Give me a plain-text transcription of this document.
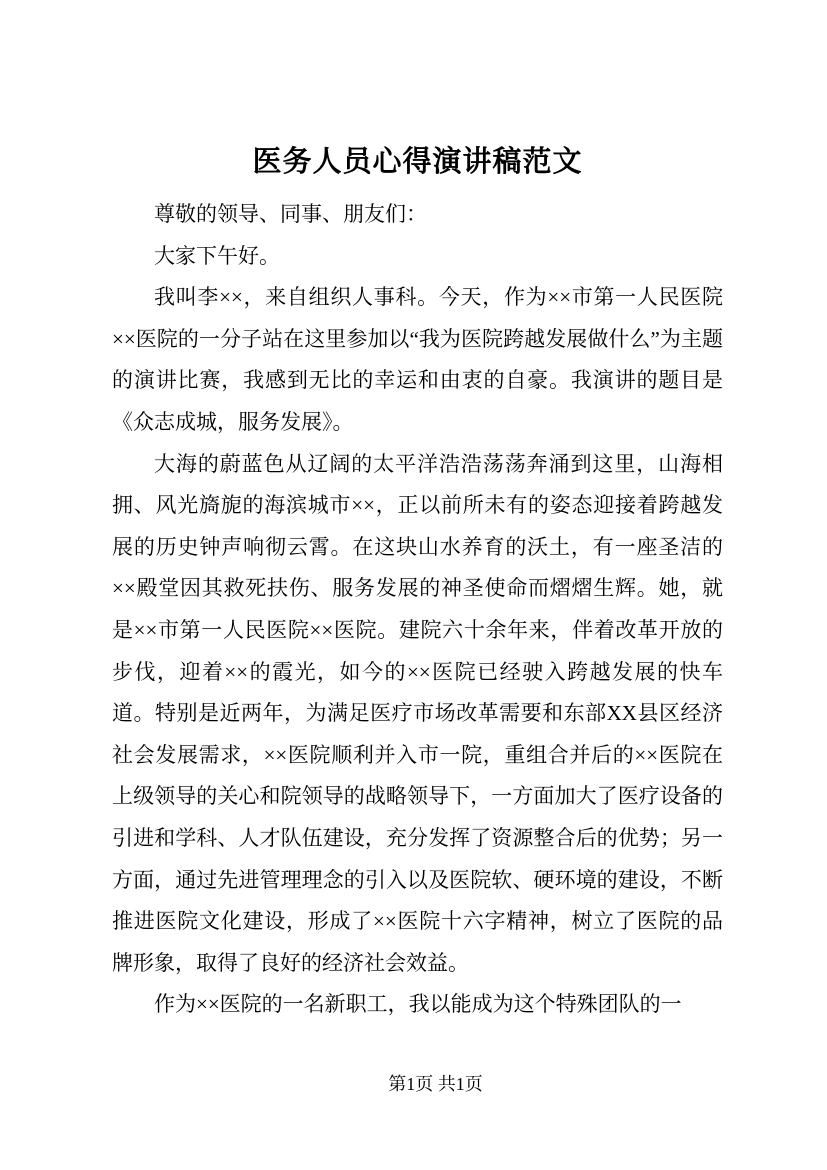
医务人员心得演讲稿范文

尊敬的领导、同事、朋友们：

大家下午好。

我叫李××，来自组织人事科。今天，作为××市第一人民医院××医院的一分子站在这里参加以“我为医院跨越发展做什么”为主题的演讲比赛，我感到无比的幸运和由衷的自豪。我演讲的题目是《众志成城，服务发展》。

大海的蔚蓝色从辽阔的太平洋浩浩荡荡奔涌到这里，山海相拥、风光旖旎的海滨城市××，正以前所未有的姿态迎接着跨越发展的历史钟声响彻云霄。在这块山水养育的沃土，有一座圣洁的××殿堂因其救死扶伤、服务发展的神圣使命而熠熠生辉。她，就是××市第一人民医院××医院。建院六十余年来，伴着改革开放的步伐，迎着××的霞光，如今的××医院已经驶入跨越发展的快车道。特别是近两年，为满足医疗市场改革需要和东部XX县区经济社会发展需求，××医院顺利并入市一院，重组合并后的××医院在上级领导的关心和院领导的战略领导下，一方面加大了医疗设备的引进和学科、人才队伍建设，充分发挥了资源整合后的优势；另一方面，通过先进管理理念的引入以及医院软、硬环境的建设，不断推进医院文化建设，形成了××医院十六字精神，树立了医院的品牌形象，取得了良好的经济社会效益。

作为××医院的一名新职工，我以能成为这个特殊团队的一

第1页 共1页
